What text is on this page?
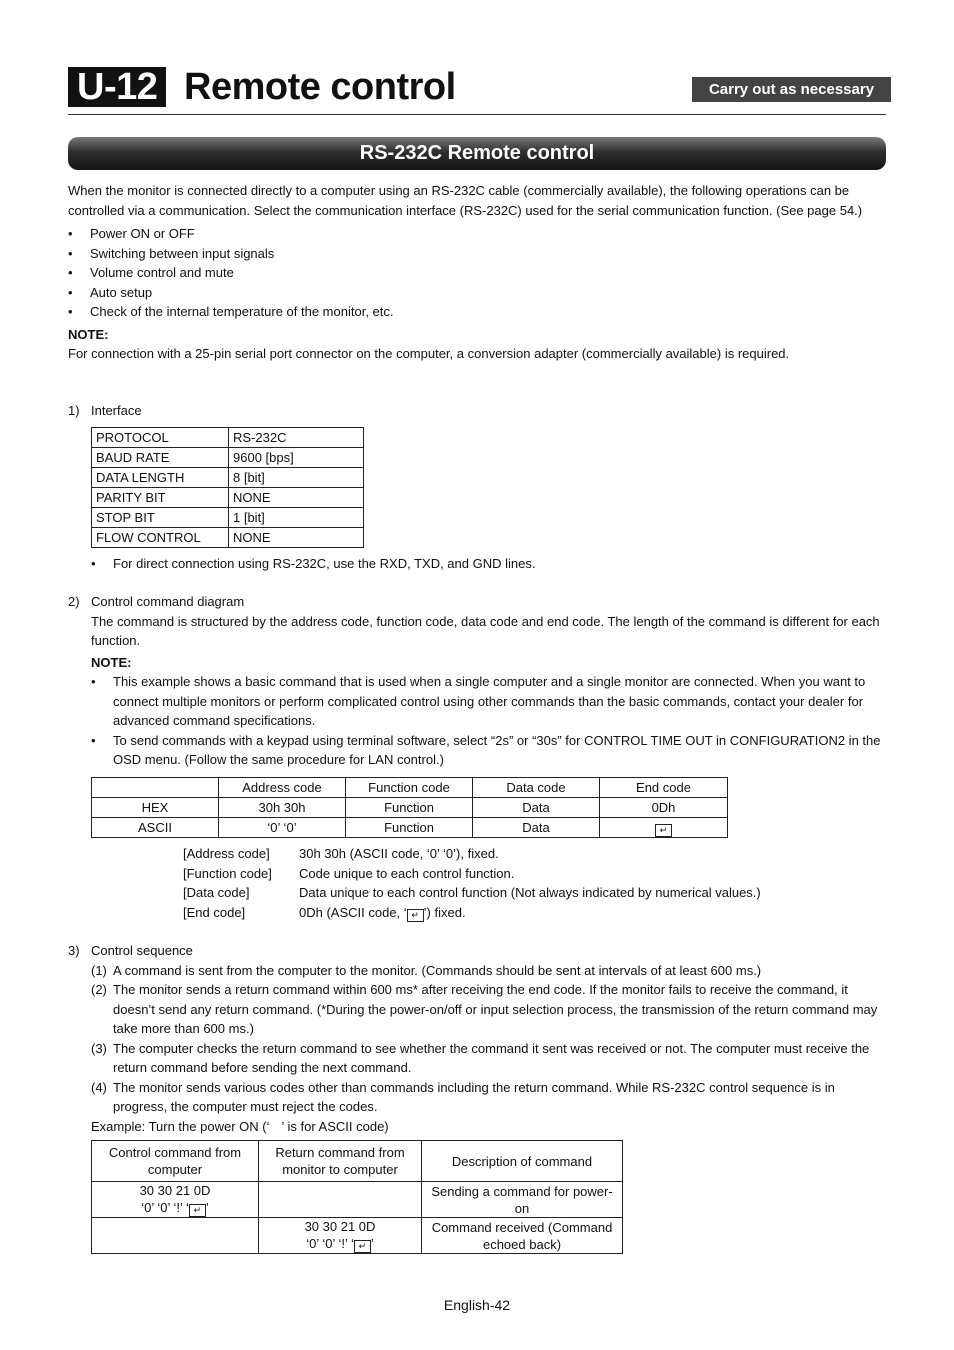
U-12 Remote control	Carry out as necessary
RS-232C Remote control

When the monitor is connected directly to a computer using an RS-232C cable (commercially available), the following operations can be controlled via a communication. Select the communication interface (RS-232C) used for the serial communication function. (See page 54.)

• Power ON or OFF
• Switching between input signals
• Volume control and mute
• Auto setup
• Check of the internal temperature of the monitor, etc.

NOTE:

For connection with a 25-pin serial port connector on the computer, a conversion adapter (commercially available) is required.

1) Interface
PROTOCOL	RS-232C
BAUD RATE	9600 [bps]
DATA LENGTH	8 [bit]
PARITY BIT	NONE
STOP BIT	1 [bit]
FLOW CONTROL	NONE
• For direct connection using RS-232C, use the RXD, TXD, and GND lines.
2) Control command diagram

The command is structured by the address code, function code, data code and end code. The length of the command is different for each function.

NOTE:

• This example shows a basic command that is used when a single computer and a single monitor are connected. When you want to connect multiple monitors or perform complicated control using other commands than the basic commands, contact your dealer for advanced command specifications.
• To send commands with a keypad using terminal software, select “2s” or “30s” for CONTROL TIME OUT in CONFIGURATION2 in the OSD menu. (Follow the same procedure for LAN control.)
	Address code	Function code	Data code	End code
HEX	30h 30h	Function	Data	0Dh
ASCII	‘0’ ‘0’	Function	Data	↵
[Address code] 30h 30h (ASCII code, ‘0’ ‘0’), fixed.
[Function code] Code unique to each control function.
[Data code]	Data unique to each control function (Not always indicated by numerical values.)
[End code]	0Dh (ASCII code, ‘ ↵ ’) fixed.
3) Control sequence

(1) A command is sent from the computer to the monitor. (Commands should be sent at intervals of at least 600 ms.)
(2) The monitor sends a return command within 600 ms* after receiving the end code. If the monitor fails to receive the command, it doesn’t send any return command. (*During the power-on/off or input selection process, the transmission of the return command may take more than 600 ms.)
(3) The computer checks the return command to see whether the command it sent was received or not. The computer must receive the return command before sending the next command.
(4) The monitor sends various codes other than commands including the return command. While RS-232C control sequence is in progress, the computer must reject the codes.

Example: Turn the power ON (‘ ’ is for ASCII code)

Control command from computer	Return command from monitor to computer	Description of command

30 30 21 0D
‘0’ ‘0’ ‘!’ ‘ ↵ ’		Sending a command for power-on

	30 30 21 0D
‘0’ ‘0’ ‘!’ ‘ ↵ ’	Command received (Command echoed back)
English-42
